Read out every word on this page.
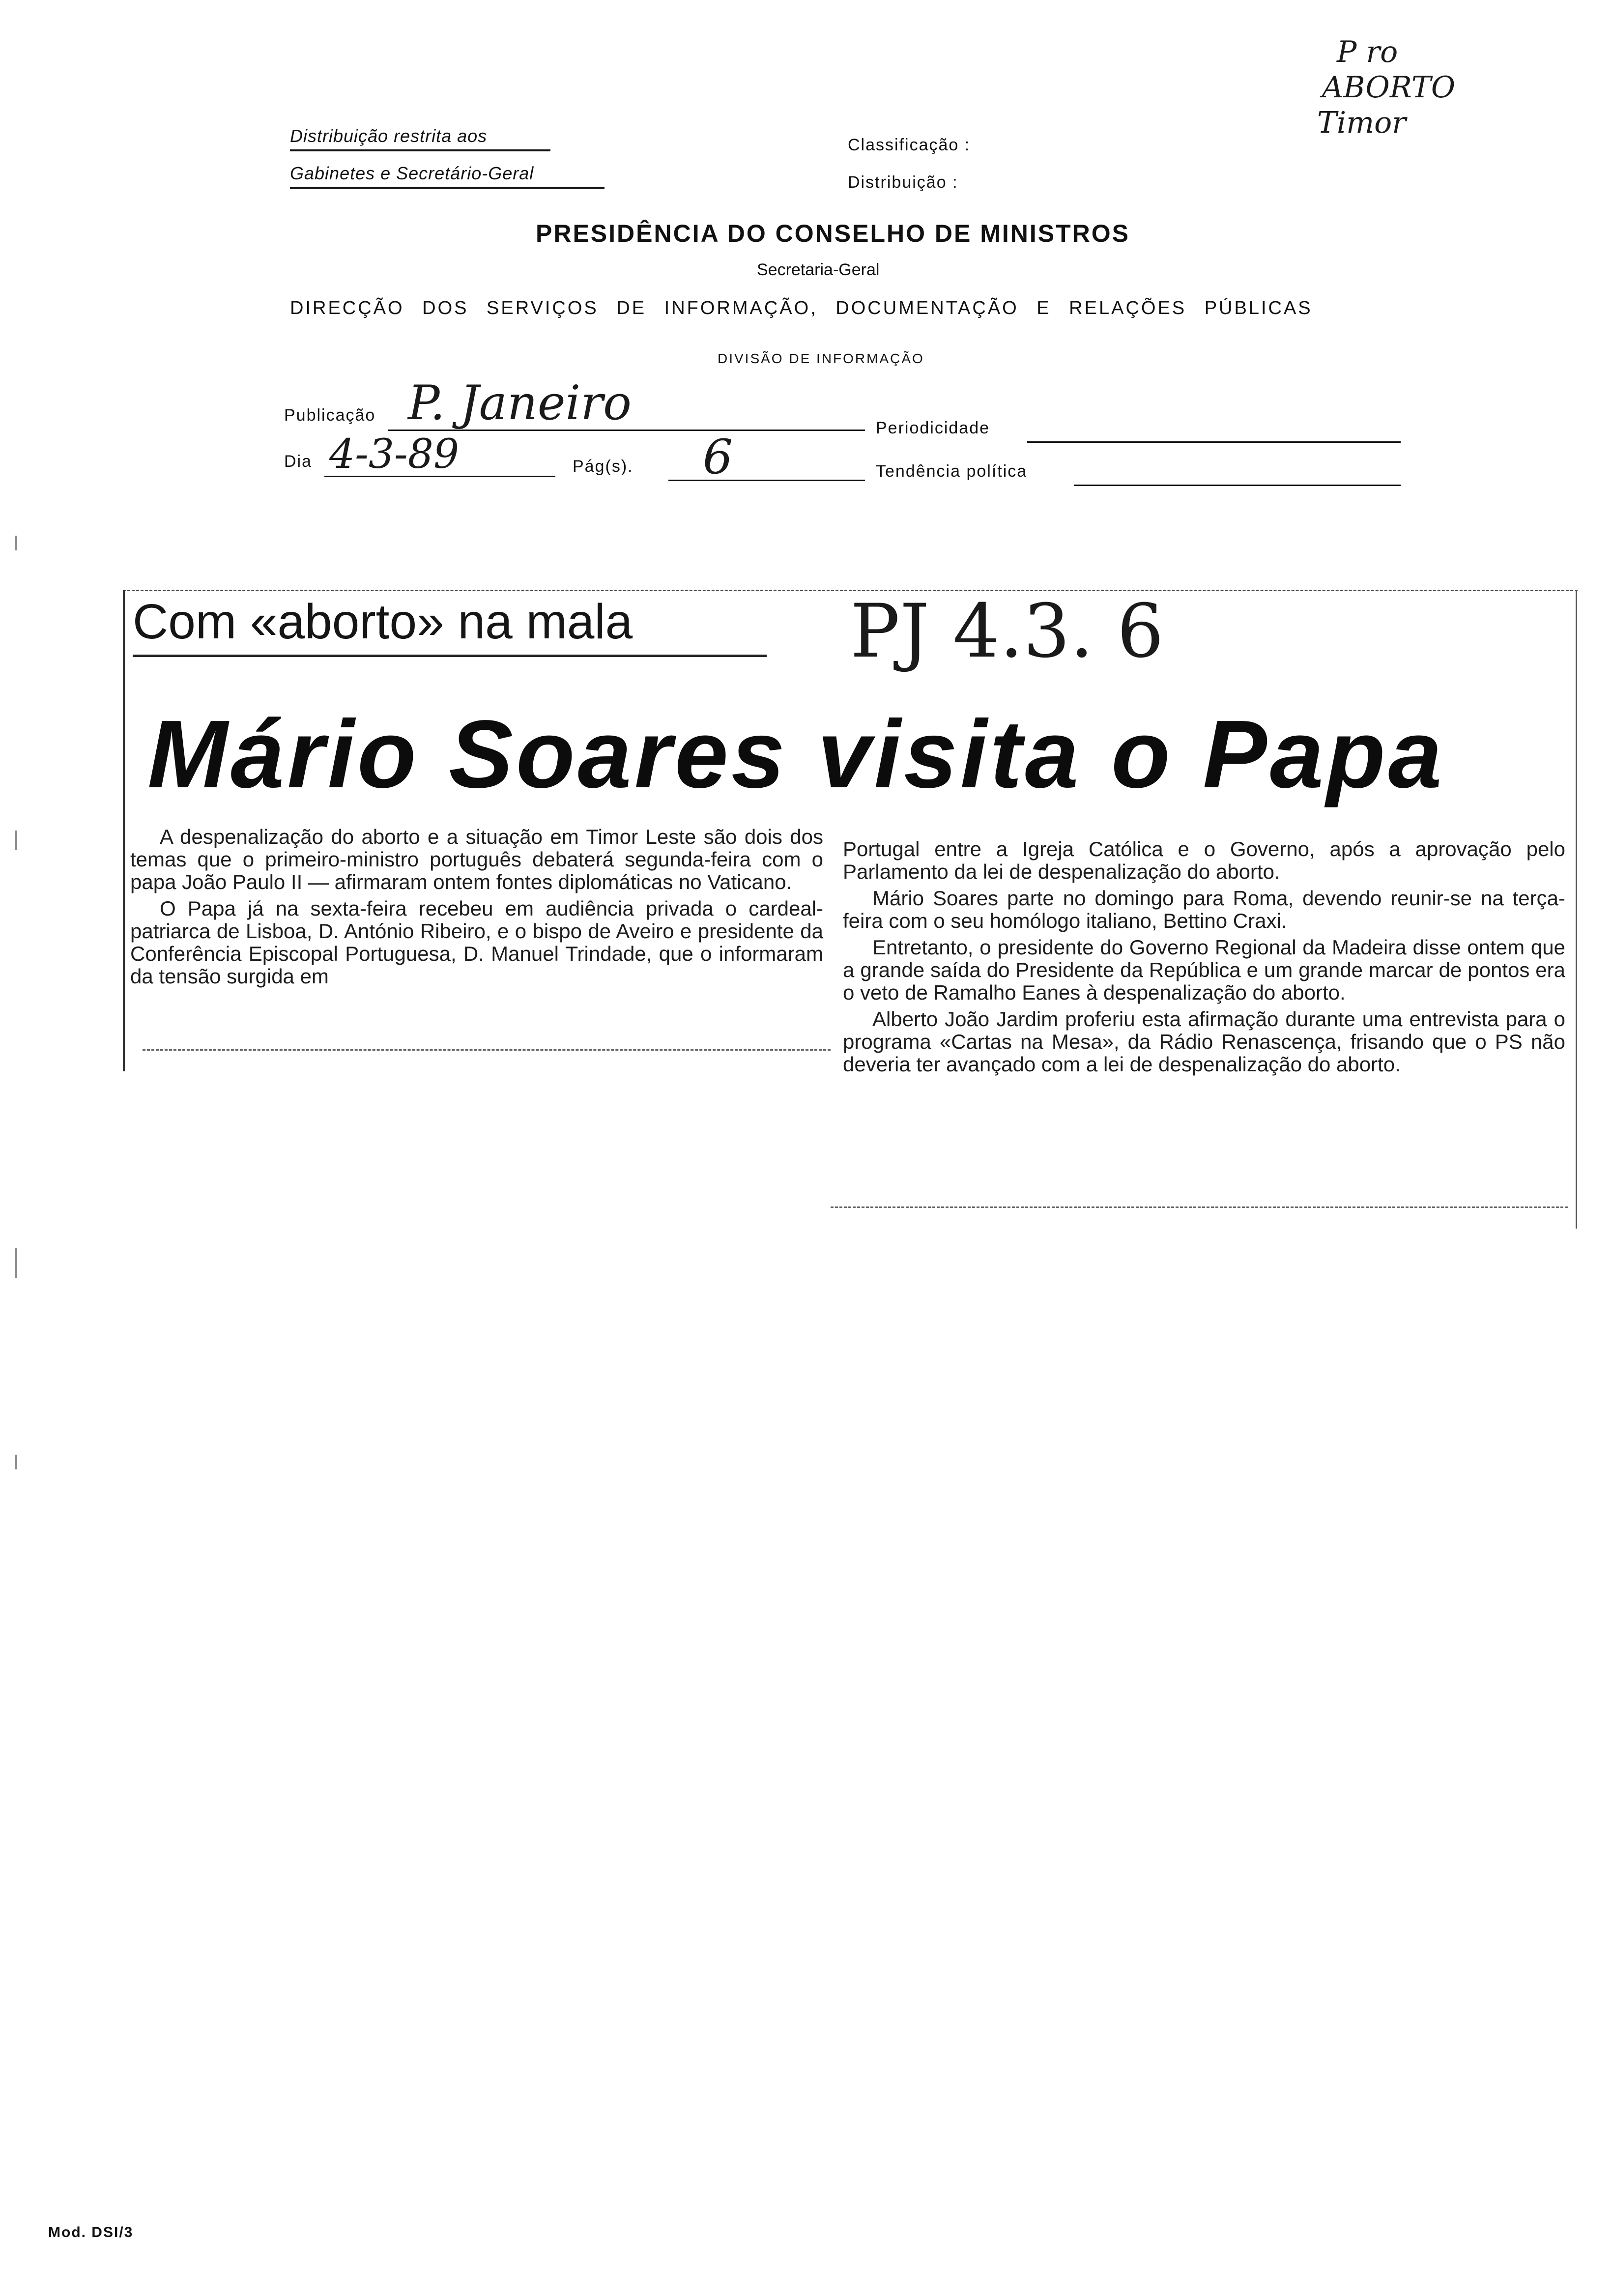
P ro
ABORTO
Timor
Distribuição restrita aos
Gabinetes e Secretário-Geral
Classificação :
Distribuição :
PRESIDÊNCIA DO CONSELHO DE MINISTROS
Secretaria-Geral
DIRECÇÃO DOS SERVIÇOS DE INFORMAÇÃO, DOCUMENTAÇÃO E RELAÇÕES PÚBLICAS
DIVISÃO DE INFORMAÇÃO
Publicação P. Janeiro	Periodicidade
Dia 4-3-89	Pág(s). 6	Tendência política
Com «aborto» na mala	PJ 4.3. 6
Mário Soares visita o Papa

A despenalização do aborto e a situação em Timor Leste são dois dos temas que o primeiro-ministro português debaterá segunda-feira com o papa João Paulo II — afirmaram ontem fontes diplomáticas no Vaticano.

O Papa já na sexta-feira recebeu em audiência privada o cardeal-patriarca de Lisboa, D. António Ribeiro, e o bispo de Aveiro e presidente da Conferência Episcopal Portuguesa, D. Manuel Trindade, que o informaram da tensão surgida em

Portugal entre a Igreja Católica e o Governo, após a aprovação pelo Parlamento da lei de despenalização do aborto.

Mário Soares parte no domingo para Roma, devendo reunir-se na terça-feira com o seu homólogo italiano, Bettino Craxi.

Entretanto, o presidente do Governo Regional da Madeira disse ontem que a grande saída do Presidente da República e um grande marcar de pontos era o veto de Ramalho Eanes à despenalização do aborto.

Alberto João Jardim proferiu esta afirmação durante uma entrevista para o programa «Cartas na Mesa», da Rádio Renascença, frisando que o PS não deveria ter avançado com a lei de despenalização do aborto.

Mod. DSI/3
